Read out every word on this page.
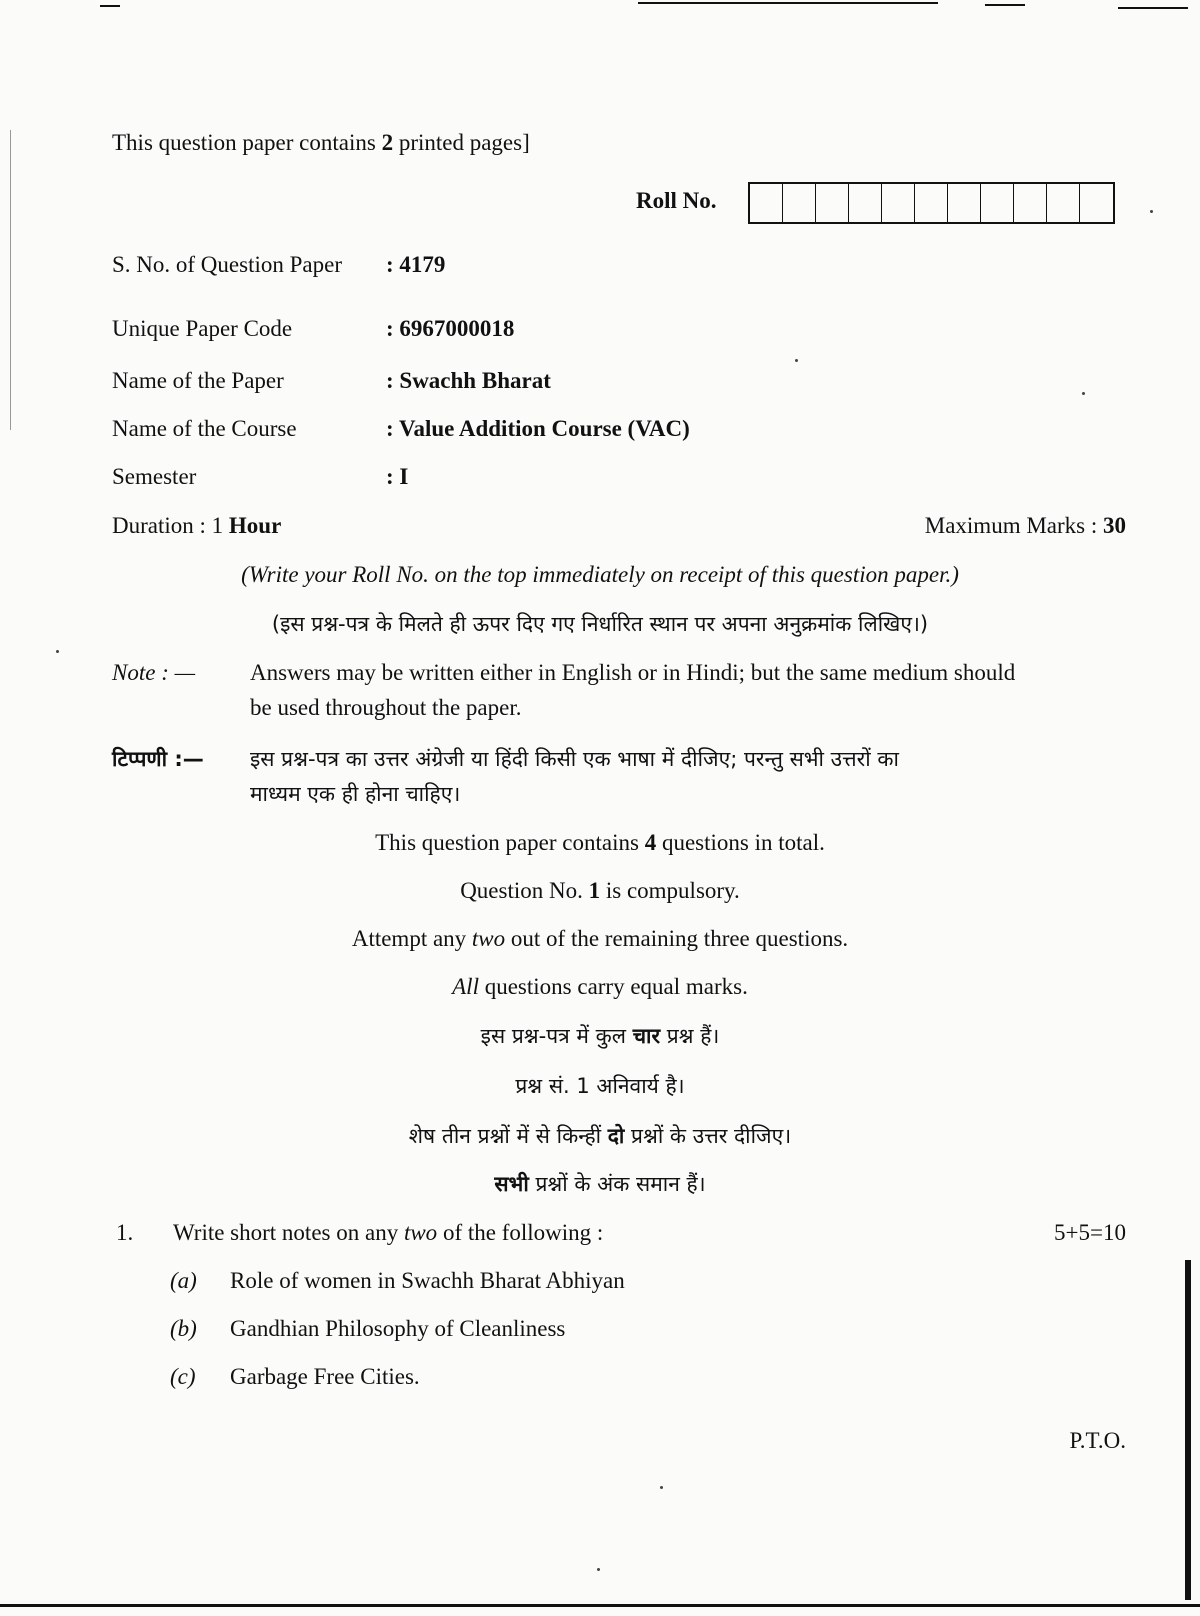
This question paper contains 2 printed pages]
Roll No.
S. No. of Question Paper : 4179
Unique Paper Code	: 6967000018
Name of the Paper	: Swachh Bharat
Name of the Course	: Value Addition Course (VAC)
Semester	: I
Duration : 1 Hour	Maximum Marks : 30
(Write your Roll No. on the top immediately on receipt of this question paper.)
(इस प्रश्न-पत्र के मिलते ही ऊपर दिए गए निर्धारित स्थान पर अपना अनुक्रमांक लिखिए।)
Note : — Answers may be written either in English or in Hindi; but the same medium should
be used throughout the paper.
टिप्पणी :— इस प्रश्न-पत्र का उत्तर अंग्रेजी या हिंदी किसी एक भाषा में दीजिए; परन्तु सभी उत्तरों का
माध्यम एक ही होना चाहिए।
This question paper contains 4 questions in total.
Question No. 1 is compulsory.
Attempt any two out of the remaining three questions.
All questions carry equal marks.
इस प्रश्न-पत्र में कुल चार प्रश्न हैं।
प्रश्न सं. 1 अनिवार्य है।
शेष तीन प्रश्नों में से किन्हीं दो प्रश्नों के उत्तर दीजिए।
सभी प्रश्नों के अंक समान हैं।
1. Write short notes on any two of the following :	5+5=10
(a) Role of women in Swachh Bharat Abhiyan
(b) Gandhian Philosophy of Cleanliness
(c) Garbage Free Cities.
P.T.O.
